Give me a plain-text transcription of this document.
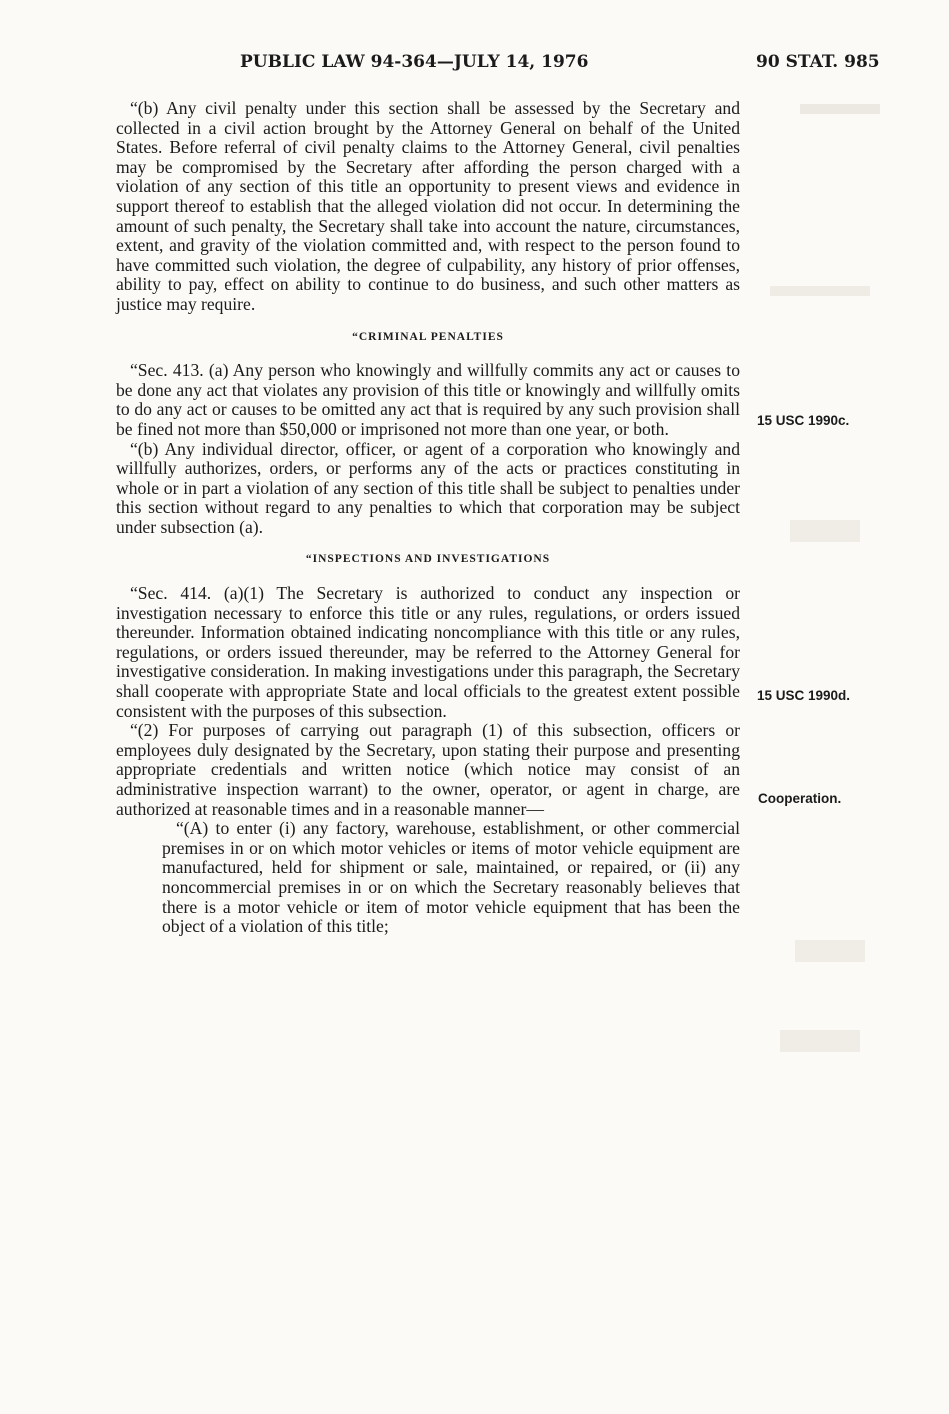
PUBLIC LAW 94-364—JULY 14, 1976	90 STAT. 985

“(b) Any civil penalty under this section shall be assessed by the Secretary and collected in a civil action brought by the Attorney General on behalf of the United States. Before referral of civil penalty claims to the Attorney General, civil penalties may be compromised by the Secretary after affording the person charged with a violation of any section of this title an opportunity to present views and evidence in support thereof to establish that the alleged violation did not occur. In determining the amount of such penalty, the Secretary shall take into account the nature, circumstances, extent, and gravity of the violation committed and, with respect to the person found to have committed such violation, the degree of culpability, any history of prior offenses, ability to pay, effect on ability to continue to do business, and such other matters as justice may require.

“CRIMINAL PENALTIES

“Sec. 413. (a) Any person who knowingly and willfully commits any act or causes to be done any act that violates any provision of this title or knowingly and willfully omits to do any act or causes to be omitted any act that is required by any such provision shall be fined not more than $50,000 or imprisoned not more than one year, or both.

“(b) Any individual director, officer, or agent of a corporation who knowingly and willfully authorizes, orders, or performs any of the acts or practices constituting in whole or in part a violation of any section of this title shall be subject to penalties under this section without regard to any penalties to which that corporation may be subject under subsection (a).

“INSPECTIONS AND INVESTIGATIONS

“Sec. 414. (a)(1) The Secretary is authorized to conduct any inspection or investigation necessary to enforce this title or any rules, regulations, or orders issued thereunder. Information obtained indicating noncompliance with this title or any rules, regulations, or orders issued thereunder, may be referred to the Attorney General for investigative consideration. In making investigations under this paragraph, the Secretary shall cooperate with appropriate State and local officials to the greatest extent possible consistent with the purposes of this subsection.

“(2) For purposes of carrying out paragraph (1) of this subsection, officers or employees duly designated by the Secretary, upon stating their purpose and presenting appropriate credentials and written notice (which notice may consist of an administrative inspection warrant) to the owner, operator, or agent in charge, are authorized at reasonable times and in a reasonable manner—

“(A) to enter (i) any factory, warehouse, establishment, or other commercial premises in or on which motor vehicles or items of motor vehicle equipment are manufactured, held for shipment or sale, maintained, or repaired, or (ii) any noncommercial premises in or on which the Secretary reasonably believes that there is a motor vehicle or item of motor vehicle equipment that has been the object of a violation of this title;

15 USC 1990c.
15 USC 1990d.
Cooperation.
